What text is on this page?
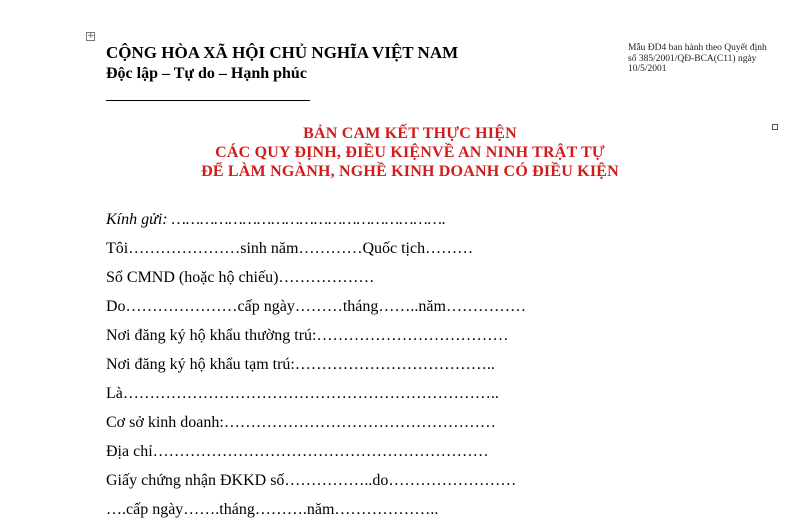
+
CỘNG HÒA XÃ HỘI CHỦ NGHĨA VIỆT NAM
Độc lập – Tự do – Hạnh phúc
Mẫu ĐD4 ban hành theo Quyết định
số 385/2001/QĐ-BCA(C11) ngày
10/5/2001
BẢN CAM KẾT THỰC HIỆN
CÁC QUY ĐỊNH, ĐIỀU KIỆNVỀ AN NINH TRẬT TỰ
ĐỂ LÀM NGÀNH, NGHỀ KINH DOANH CÓ ĐIỀU KIỆN
Kính gửi: ………………………………………………….
Tôi…………………sinh năm…………Quốc tịch………
Số CMND (hoặc hộ chiếu)………………
Do…………………cấp ngày………tháng……..năm……………
Nơi đăng ký hộ khẩu thường trú:………………………………
Nơi đăng ký hộ khẩu tạm trú:………………………………..
Là……………………………………………………………..
Cơ sở kinh doanh:……………………………………………
Địa chỉ………………………………………………………
Giấy chứng nhận ĐKKD số……………..do……………………
….cấp ngày…….tháng……….năm………………..
